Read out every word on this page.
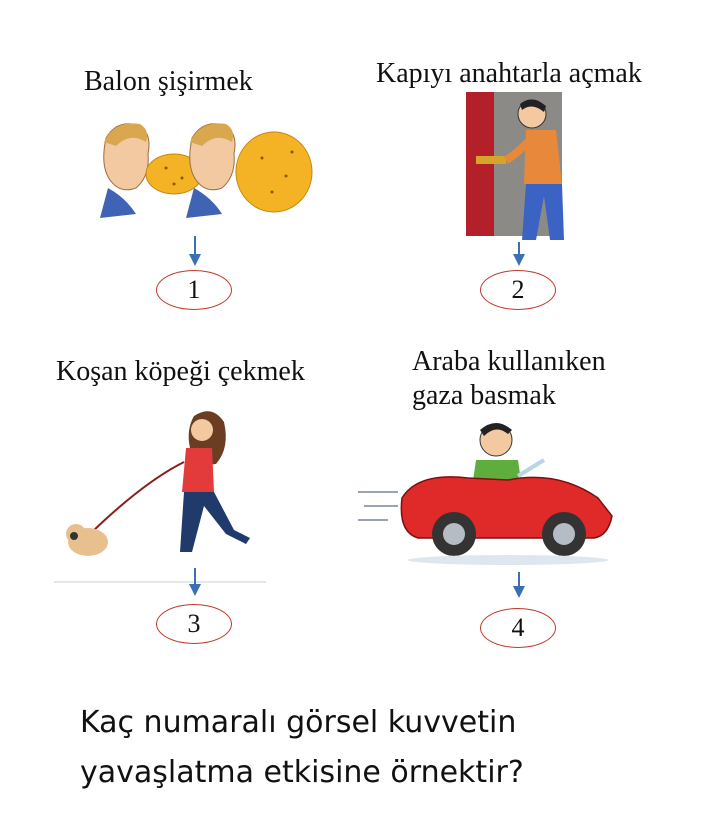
Balon şişirmek
1
Kapıyı anahtarla açmak
2
Koşan köpeği çekmek
3
Araba kullanıken
gaza basmak
4
Kaç numaralı görsel kuvvetin
yavaşlatma etkisine örnektir?
